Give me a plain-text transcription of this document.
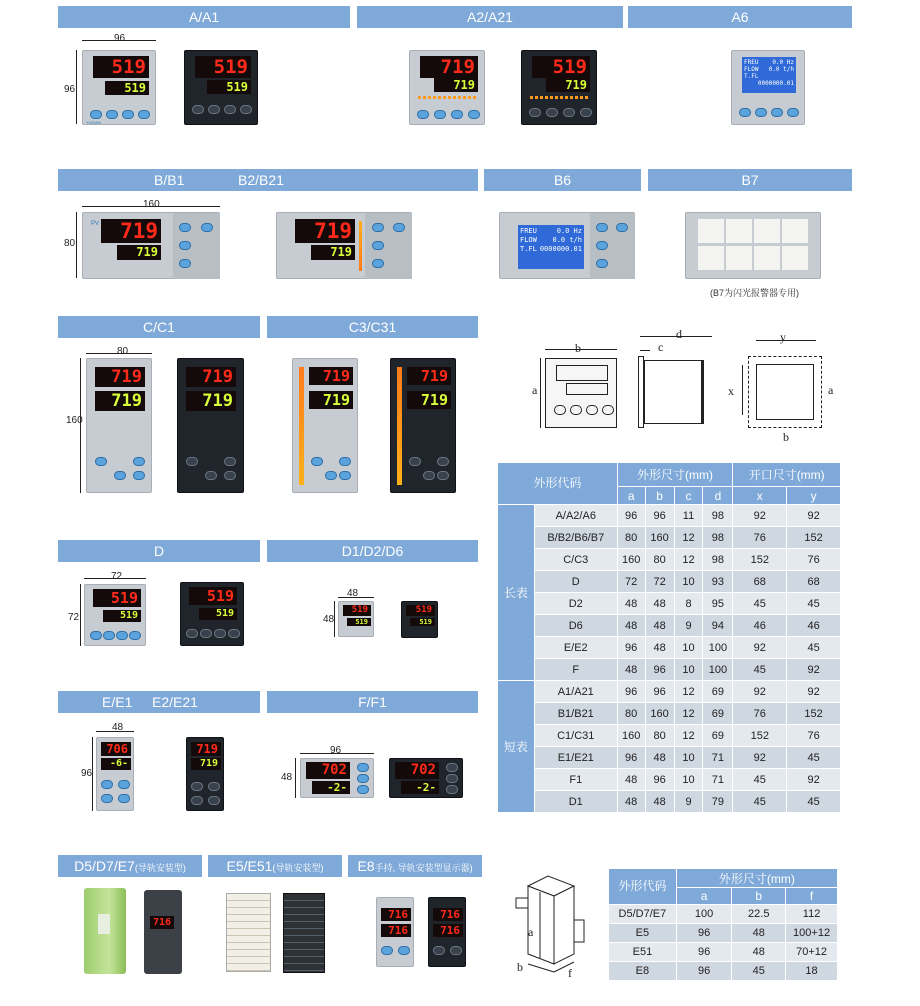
A/A1	A2/A21	A6
B/B1	B2/B21	B6	B7
C/C1	C3/C31
D	D1/D2/D6
E/E1 E2/E21	F/F1
D5/D7/E7(导轨安装型)	E5/E51(导轨安装型)	E8手持, 导轨安装型显示器)
96
96
519
519
YUDIAN
519
519
719
719
519
719
FREU 0.0 Hz
FLOW 0.0 t/h
T.FL
0000000.01
160
80
PV	719
719
719
719
FREU	0.0 Hz
FLOW 0.0 t/h
T.FL 0000000.01
(B7为闪光报警器专用)
80
160
719
719
719
719
719
719
719
719
b
a
d
c
y
x	a
b
外形代码		外形尺寸(mm)				开口尺寸(mm)	
		a	b	c	d	x	y
长表	A/A2/A6	96	96	11	98	92	92
	B/B2/B6/B7	80	160	12	98	76	152
	C/C3	160	80	12	98	152	76
	D	72	72	10	93	68	68
	D2	48	48	8	95	45	45
	D6	48	48	9	94	46	46
	E/E2	96	48	10	100	92	45
	F	48	96	10	100	45	92
短表	A1/A21	96	96	12	69	92	92
	B1/B21	80	160	12	69	76	152
	C1/C31	160	80	12	69	152	76
	E1/E21	96	48	10	71	92	45
	F1	48	96	10	71	45	92
	D1	48	48	9	79	45	45
72
72
519
519
519
519
48
48
519
519
519
519
48
96
706
-6-
719
719
96
48	702
-2-
702
-2-
716
716
716
716
716	a
b	f
外形代码	外形尺寸(mm)		
	a	b	f
D5/D7/E7	100	22.5	112
E5	96	48	100+12
E51	96	48	70+12
E8	96	45	18
